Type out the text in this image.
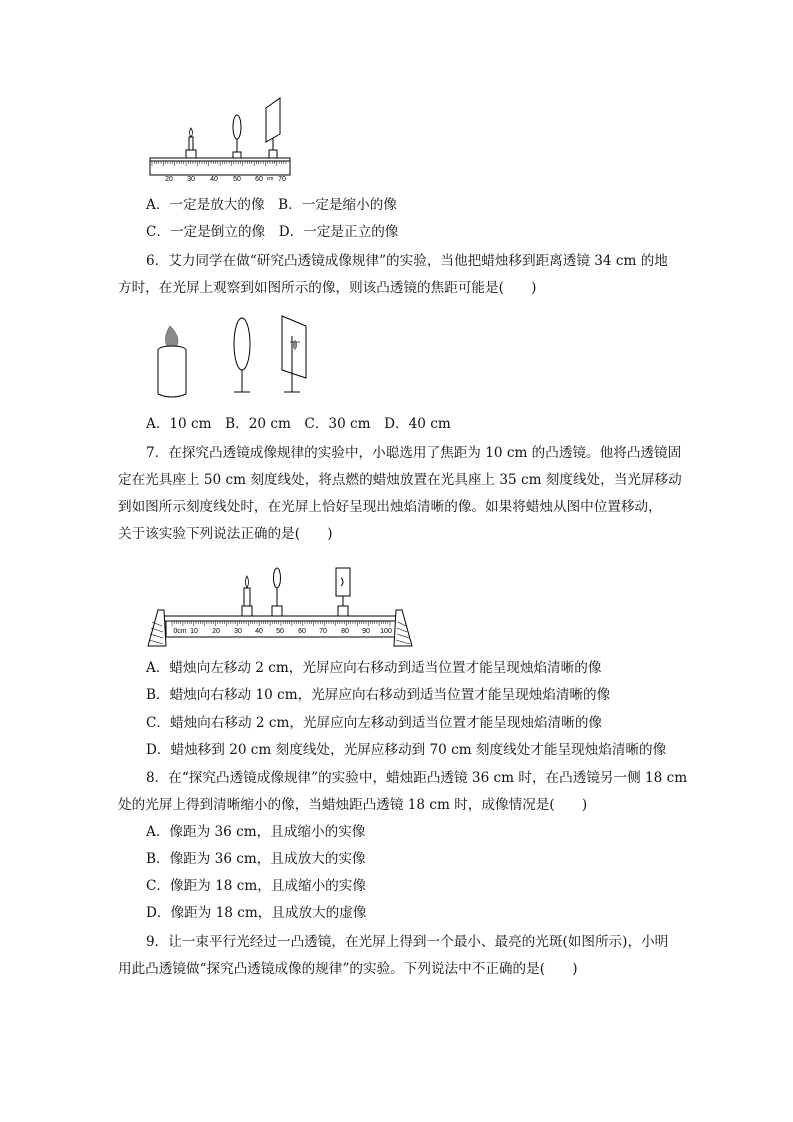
20 30 40 50 60 cm 70
A．一定是放大的像　B．一定是缩小的像
C．一定是倒立的像　D．一定是正立的像
6．艾力同学在做“研究凸透镜成像规律”的实验，当他把蜡烛移到距离透镜 34 cm 的地
方时，在光屏上观察到如图所示的像，则该凸透镜的焦距可能是(　　)
A．10 cm　B．20 cm　C．30 cm　D．40 cm
7．在探究凸透镜成像规律的实验中，小聪选用了焦距为 10 cm 的凸透镜。他将凸透镜固
定在光具座上 50 cm 刻度线处，将点燃的蜡烛放置在光具座上 35 cm 刻度线处，当光屏移动
到如图所示刻度线处时，在光屏上恰好呈现出烛焰清晰的像。如果将蜡烛从图中位置移动，
关于该实验下列说法正确的是(　　)
0cm 10 20 30 40 50 60 70 80 90 100
A．蜡烛向左移动 2 cm，光屏应向右移动到适当位置才能呈现烛焰清晰的像
B．蜡烛向右移动 10 cm，光屏应向右移动到适当位置才能呈现烛焰清晰的像
C．蜡烛向右移动 2 cm，光屏应向左移动到适当位置才能呈现烛焰清晰的像
D．蜡烛移到 20 cm 刻度线处，光屏应移动到 70 cm 刻度线处才能呈现烛焰清晰的像
8．在“探究凸透镜成像规律”的实验中，蜡烛距凸透镜 36 cm 时，在凸透镜另一侧 18 cm
处的光屏上得到清晰缩小的像，当蜡烛距凸透镜 18 cm 时，成像情况是(　　)
A．像距为 36 cm，且成缩小的实像
B．像距为 36 cm，且成放大的实像
C．像距为 18 cm，且成缩小的实像
D．像距为 18 cm，且成放大的虚像
9．让一束平行光经过一凸透镜，在光屏上得到一个最小、最亮的光斑(如图所示)，小明
用此凸透镜做“探究凸透镜成像的规律”的实验。下列说法中不正确的是(　　)
